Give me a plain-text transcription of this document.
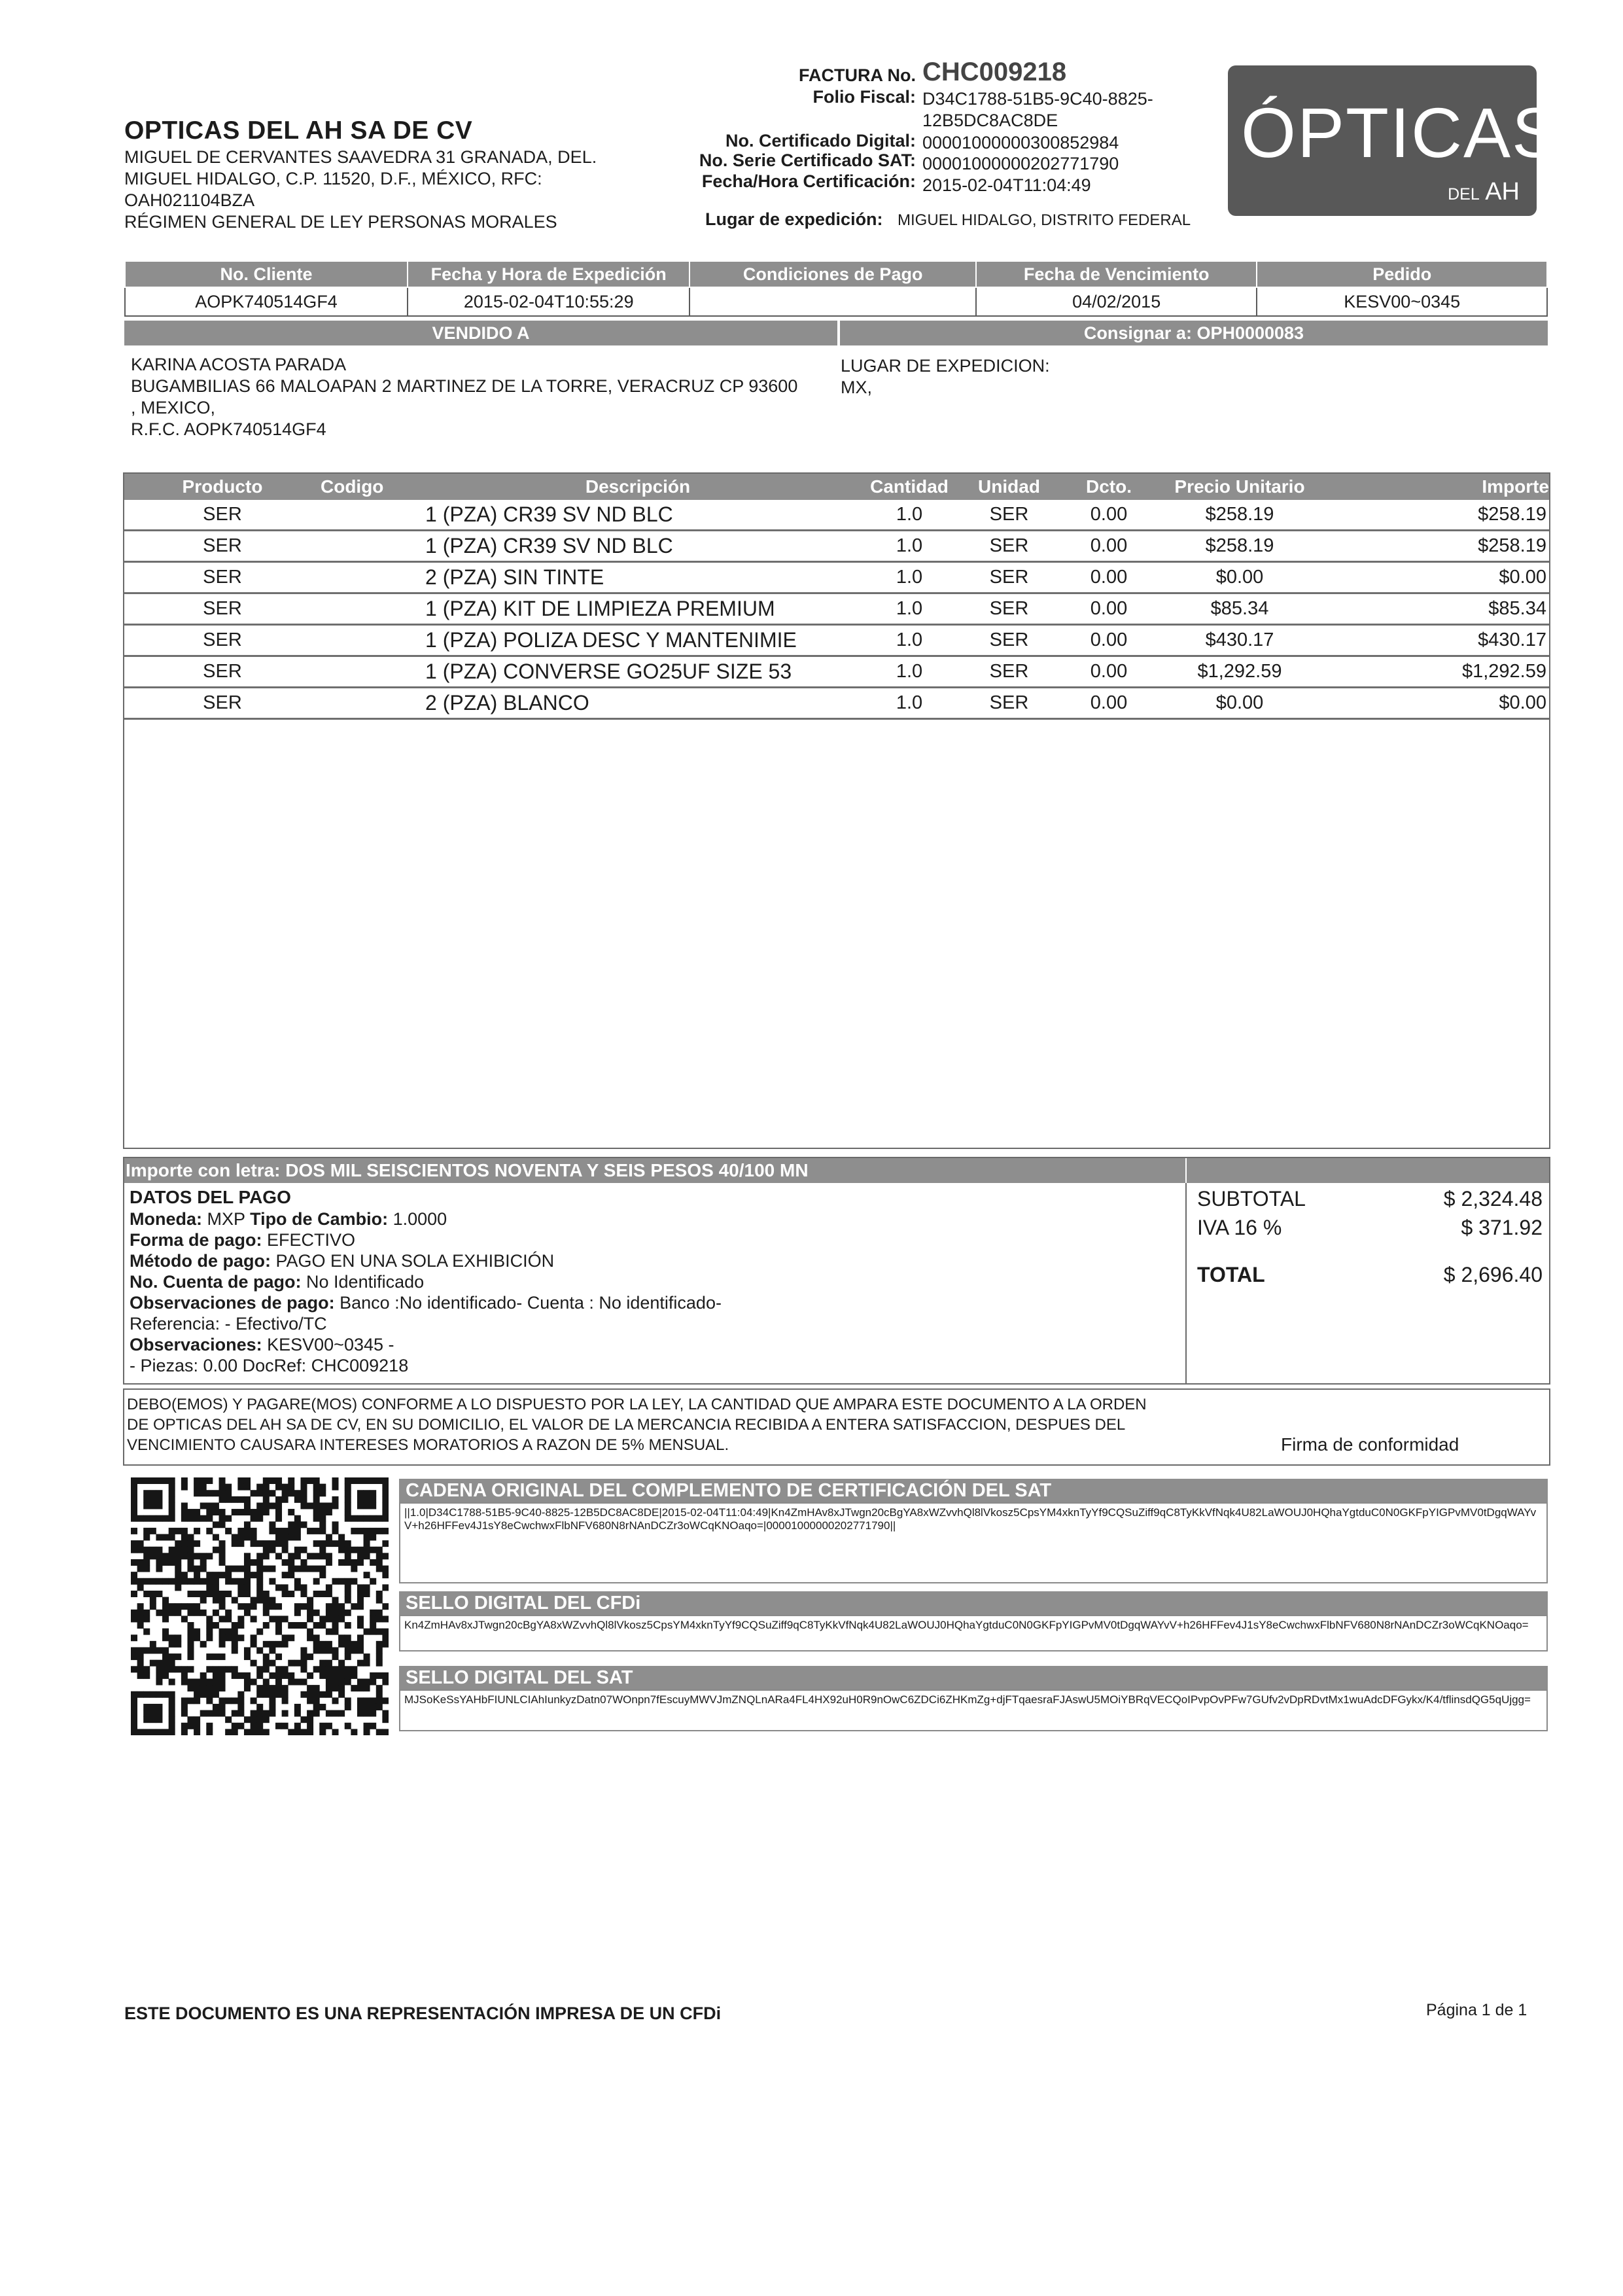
OPTICAS DEL AH SA DE CV
MIGUEL DE CERVANTES SAAVEDRA 31 GRANADA, DEL.
MIGUEL HIDALGO, C.P. 11520, D.F., MÉXICO, RFC:
OAH021104BZA
RÉGIMEN GENERAL DE LEY PERSONAS MORALES
FACTURA No. CHC009218
Folio Fiscal: D34C1788-51B5-9C40-8825-
12B5DC8AC8DE
No. Certificado Digital: 00001000000300852984
No. Serie Certificado SAT: 00001000000202771790
Fecha/Hora Certificación: 2015-02-04T11:04:49
Lugar de expedición: MIGUEL HIDALGO, DISTRITO FEDERAL
ÓPTICAS
DEL AH
No. Cliente	Fecha y Hora de Expedición	Condiciones de Pago	Fecha de Vencimiento	Pedido
AOPK740514GF4	2015-02-04T10:55:29		04/02/2015	KESV00~0345
VENDIDO A	Consignar a: OPH0000083
KARINA ACOSTA PARADA
BUGAMBILIAS 66 MALOAPAN 2 MARTINEZ DE LA TORRE, VERACRUZ CP 93600
, MEXICO,
R.F.C. AOPK740514GF4
LUGAR DE EXPEDICION:
MX,
Producto	Codigo	Descripción	Cantidad	Unidad	Dcto.	Precio Unitario	Importe
SER		1 (PZA) CR39 SV ND BLC	1.0	SER	0.00	$258.19	$258.19
SER		1 (PZA) CR39 SV ND BLC	1.0	SER	0.00	$258.19	$258.19
SER		2 (PZA) SIN TINTE	1.0	SER	0.00	$0.00	$0.00
SER		1 (PZA) KIT DE LIMPIEZA PREMIUM	1.0	SER	0.00	$85.34	$85.34
SER		1 (PZA) POLIZA DESC Y MANTENIMIE	1.0	SER	0.00	$430.17	$430.17
SER		1 (PZA) CONVERSE GO25UF SIZE 53	1.0	SER	0.00	$1,292.59	$1,292.59
SER		2 (PZA) BLANCO	1.0	SER	0.00	$0.00	$0.00
Importe con letra: DOS MIL SEISCIENTOS NOVENTA Y SEIS PESOS 40/100 MN
DATOS DEL PAGO
Moneda: MXP Tipo de Cambio: 1.0000
Forma de pago: EFECTIVO
Método de pago: PAGO EN UNA SOLA EXHIBICIÓN
No. Cuenta de pago: No Identificado
Observaciones de pago: Banco :No identificado- Cuenta : No identificado-
Referencia: - Efectivo/TC
Observaciones: KESV00~0345 -
- Piezas: 0.00 DocRef: CHC009218
SUBTOTAL	$ 2,324.48
IVA 16 %	$ 371.92
TOTAL	$ 2,696.40
DEBO(EMOS) Y PAGARE(MOS) CONFORME A LO DISPUESTO POR LA LEY, LA CANTIDAD QUE AMPARA ESTE DOCUMENTO A LA ORDEN
DE OPTICAS DEL AH SA DE CV, EN SU DOMICILIO, EL VALOR DE LA MERCANCIA RECIBIDA A ENTERA SATISFACCION, DESPUES DEL
VENCIMIENTO CAUSARA INTERESES MORATORIOS A RAZON DE 5% MENSUAL.	Firma de conformidad
CADENA ORIGINAL DEL COMPLEMENTO DE CERTIFICACIÓN DEL SAT
||1.0|D34C1788-51B5-9C40-8825-12B5DC8AC8DE|2015-02-04T11:04:49|Kn4ZmHAv8xJTwgn20cBgYA8xWZvvhQl8lVkosz5CpsYM4xknTyYf9CQSuZiff9qC8TyKkVfNqk4U82LaWOUJ0HQhaYgtduC0N0GKFpYIGPvMV0tDgqWAYvV+h26HFFev4J1sY8eCwchwxFlbNFV680N8rNAnDCZr3oWCqKNOaqo=|00001000000202771790||
SELLO DIGITAL DEL CFDi
Kn4ZmHAv8xJTwgn20cBgYA8xWZvvhQl8lVkosz5CpsYM4xknTyYf9CQSuZiff9qC8TyKkVfNqk4U82LaWOUJ0HQhaYgtduC0N0GKFpYIGPvMV0tDgqWAYvV+h26HFFev4J1sY8eCwchwxFlbNFV680N8rNAnDCZr3oWCqKNOaqo=
SELLO DIGITAL DEL SAT
MJSoKeSsYAHbFIUNLCIAhIunkyzDatn07WOnpn7fEscuyMWVJmZNQLnARa4FL4HX92uH0R9nOwC6ZDCi6ZHKmZg+djFTqaesraFJAswU5MOiYBRqVECQoIPvpOvPFw7GUfv2vDpRDvtMx1wuAdcDFGykx/K4/tflinsdQG5qUjgg=
ESTE DOCUMENTO ES UNA REPRESENTACIÓN IMPRESA DE UN CFDi	Página 1 de 1
